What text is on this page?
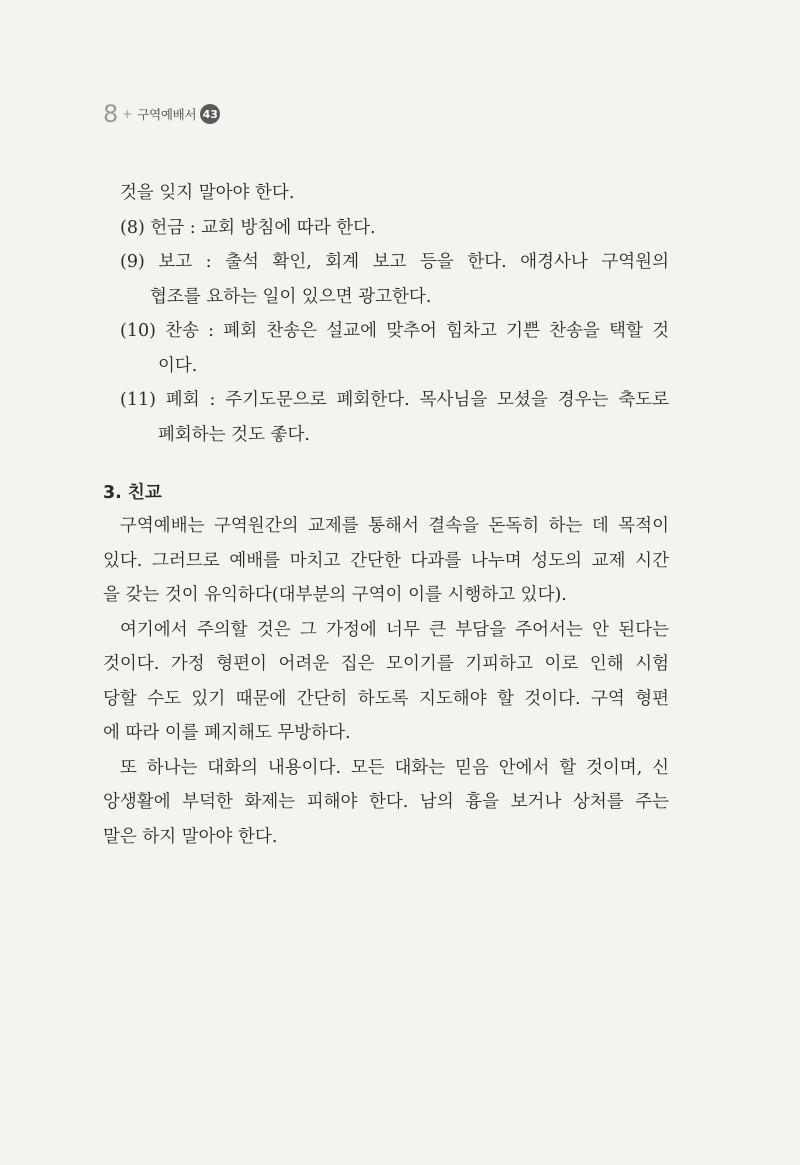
8 + 구역예배서 43
것을 잊지 말아야 한다.
(8) 헌금 : 교회 방침에 따라 한다.
(9) 보고 : 출석 확인, 회계 보고 등을 한다. 애경사나 구역원의
협조를 요하는 일이 있으면 광고한다.
(10) 찬송 : 폐회 찬송은 설교에 맞추어 힘차고 기쁜 찬송을 택할 것
이다.
(11) 폐회 : 주기도문으로 폐회한다. 목사님을 모셨을 경우는 축도로
폐회하는 것도 좋다.
3. 친교
구역예배는 구역원간의 교제를 통해서 결속을 돈독히 하는 데 목적이
있다. 그러므로 예배를 마치고 간단한 다과를 나누며 성도의 교제 시간
을 갖는 것이 유익하다(대부분의 구역이 이를 시행하고 있다).
여기에서 주의할 것은 그 가정에 너무 큰 부담을 주어서는 안 된다는
것이다. 가정 형편이 어려운 집은 모이기를 기피하고 이로 인해 시험
당할 수도 있기 때문에 간단히 하도록 지도해야 할 것이다. 구역 형편
에 따라 이를 폐지해도 무방하다.
또 하나는 대화의 내용이다. 모든 대화는 믿음 안에서 할 것이며, 신
앙생활에 부덕한 화제는 피해야 한다. 남의 흉을 보거나 상처를 주는
말은 하지 말아야 한다.
